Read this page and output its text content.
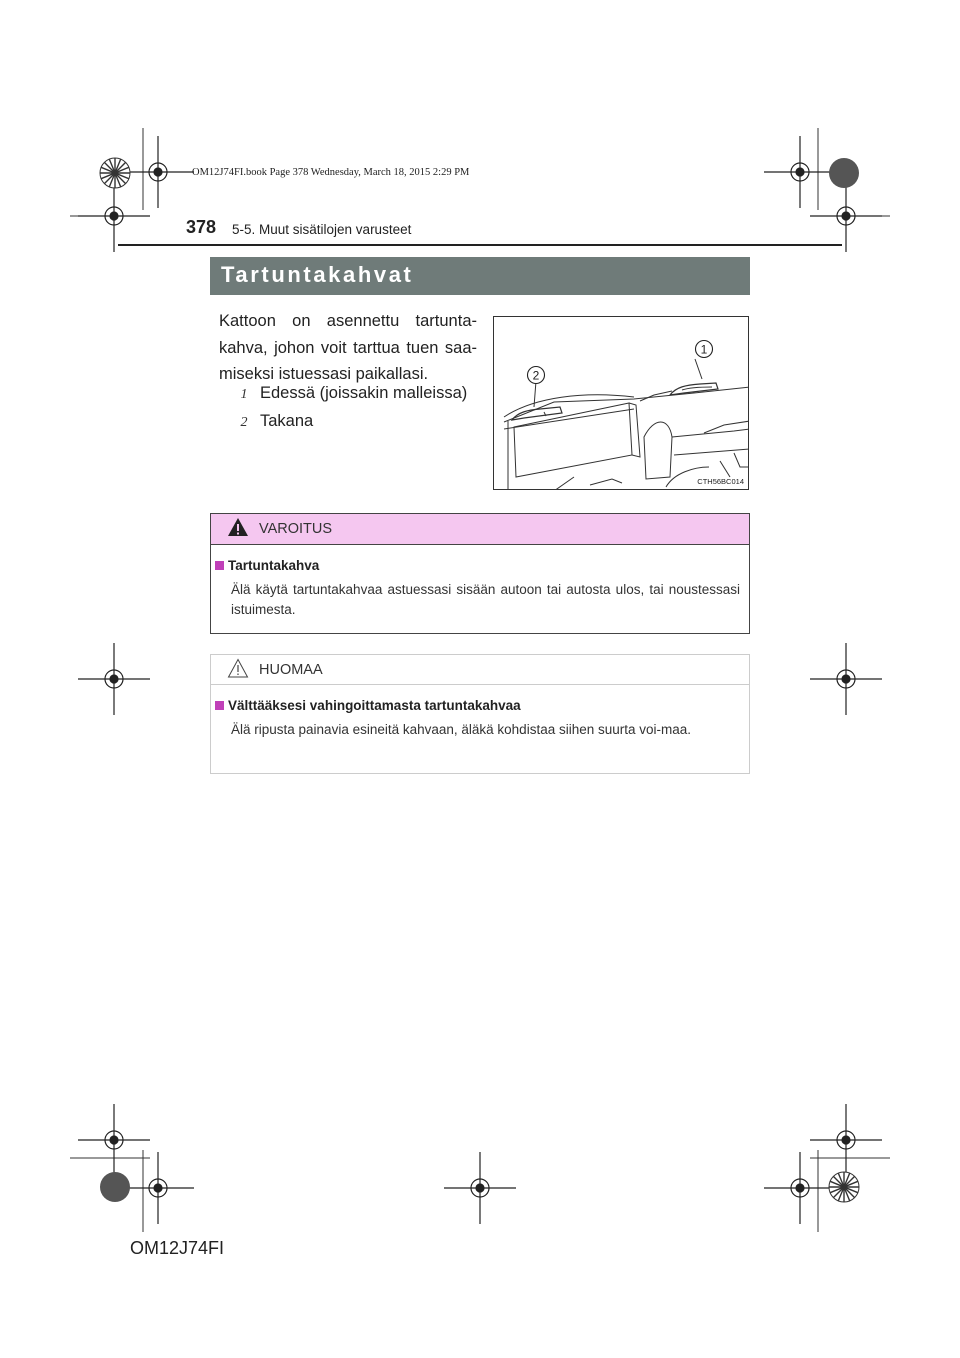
OM12J74FI.book Page 378 Wednesday, March 18, 2015 2:29 PM
378 5-5. Muut sisätilojen varusteet
Tartuntakahvat
Kattoon on asennettu tartunta-kahva, johon voit tarttua tuen saa-miseksi istuessasi paikallasi.
1 Edessä (joissakin malleissa)
2 Takana
1
2
CTH56BC014
VAROITUS
Tartuntakahva
Älä käytä tartuntakahvaa astuessasi sisään autoon tai autosta ulos, tai noustessasi istuimesta.
HUOMAA
Välttääksesi vahingoittamasta tartuntakahvaa
Älä ripusta painavia esineitä kahvaan, äläkä kohdistaa siihen suurta voi-maa.
OM12J74FI
